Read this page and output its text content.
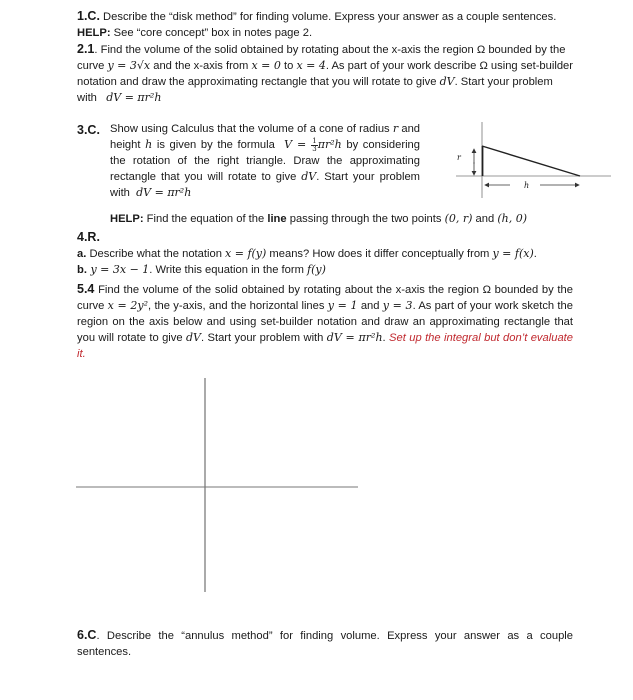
1.C. Describe the “disk method” for finding volume. Express your answer as a couple sentences.
HELP: See “core concept” box in notes page 2.
2.1. Find the volume of the solid obtained by rotating about the x-axis the region Ω bounded by the curve y = 3√x and the x-axis from x = 0 to x = 4. As part of your work describe Ω using set-builder notation and draw the approximating rectangle that you will rotate to give dV. Start your problem with   dV = πr²h
3.C. Show using Calculus that the volume of a cone of radius r and height h is given by the formula  $V = \frac{1}{3} \pi r^2h$ by considering the rotation of the right triangle. Draw the approximating rectangle that you will rotate to give dV. Start your problem with  dV = πr²h
HELP: Find the equation of the line passing through the two points (0, r) and (h, 0)
r
h
4.R.
a. Describe what the notation x = f(y) means? How does it differ conceptually from y = f(x).
b. y = 3x − 1. Write this equation in the form f(y)
5.4 Find the volume of the solid obtained by rotating about the x-axis the region Ω bounded by the curve x = 2y², the y-axis, and the horizontal lines y = 1 and y = 3. As part of your work sketch the region on the axis below and using set-builder notation and draw an approximating rectangle that you will rotate to give dV. Start your problem with dV = πr²h. Set up the integral but don’t evaluate it.
6.C. Describe the “annulus method” for finding volume. Express your answer as a couple sentences.
